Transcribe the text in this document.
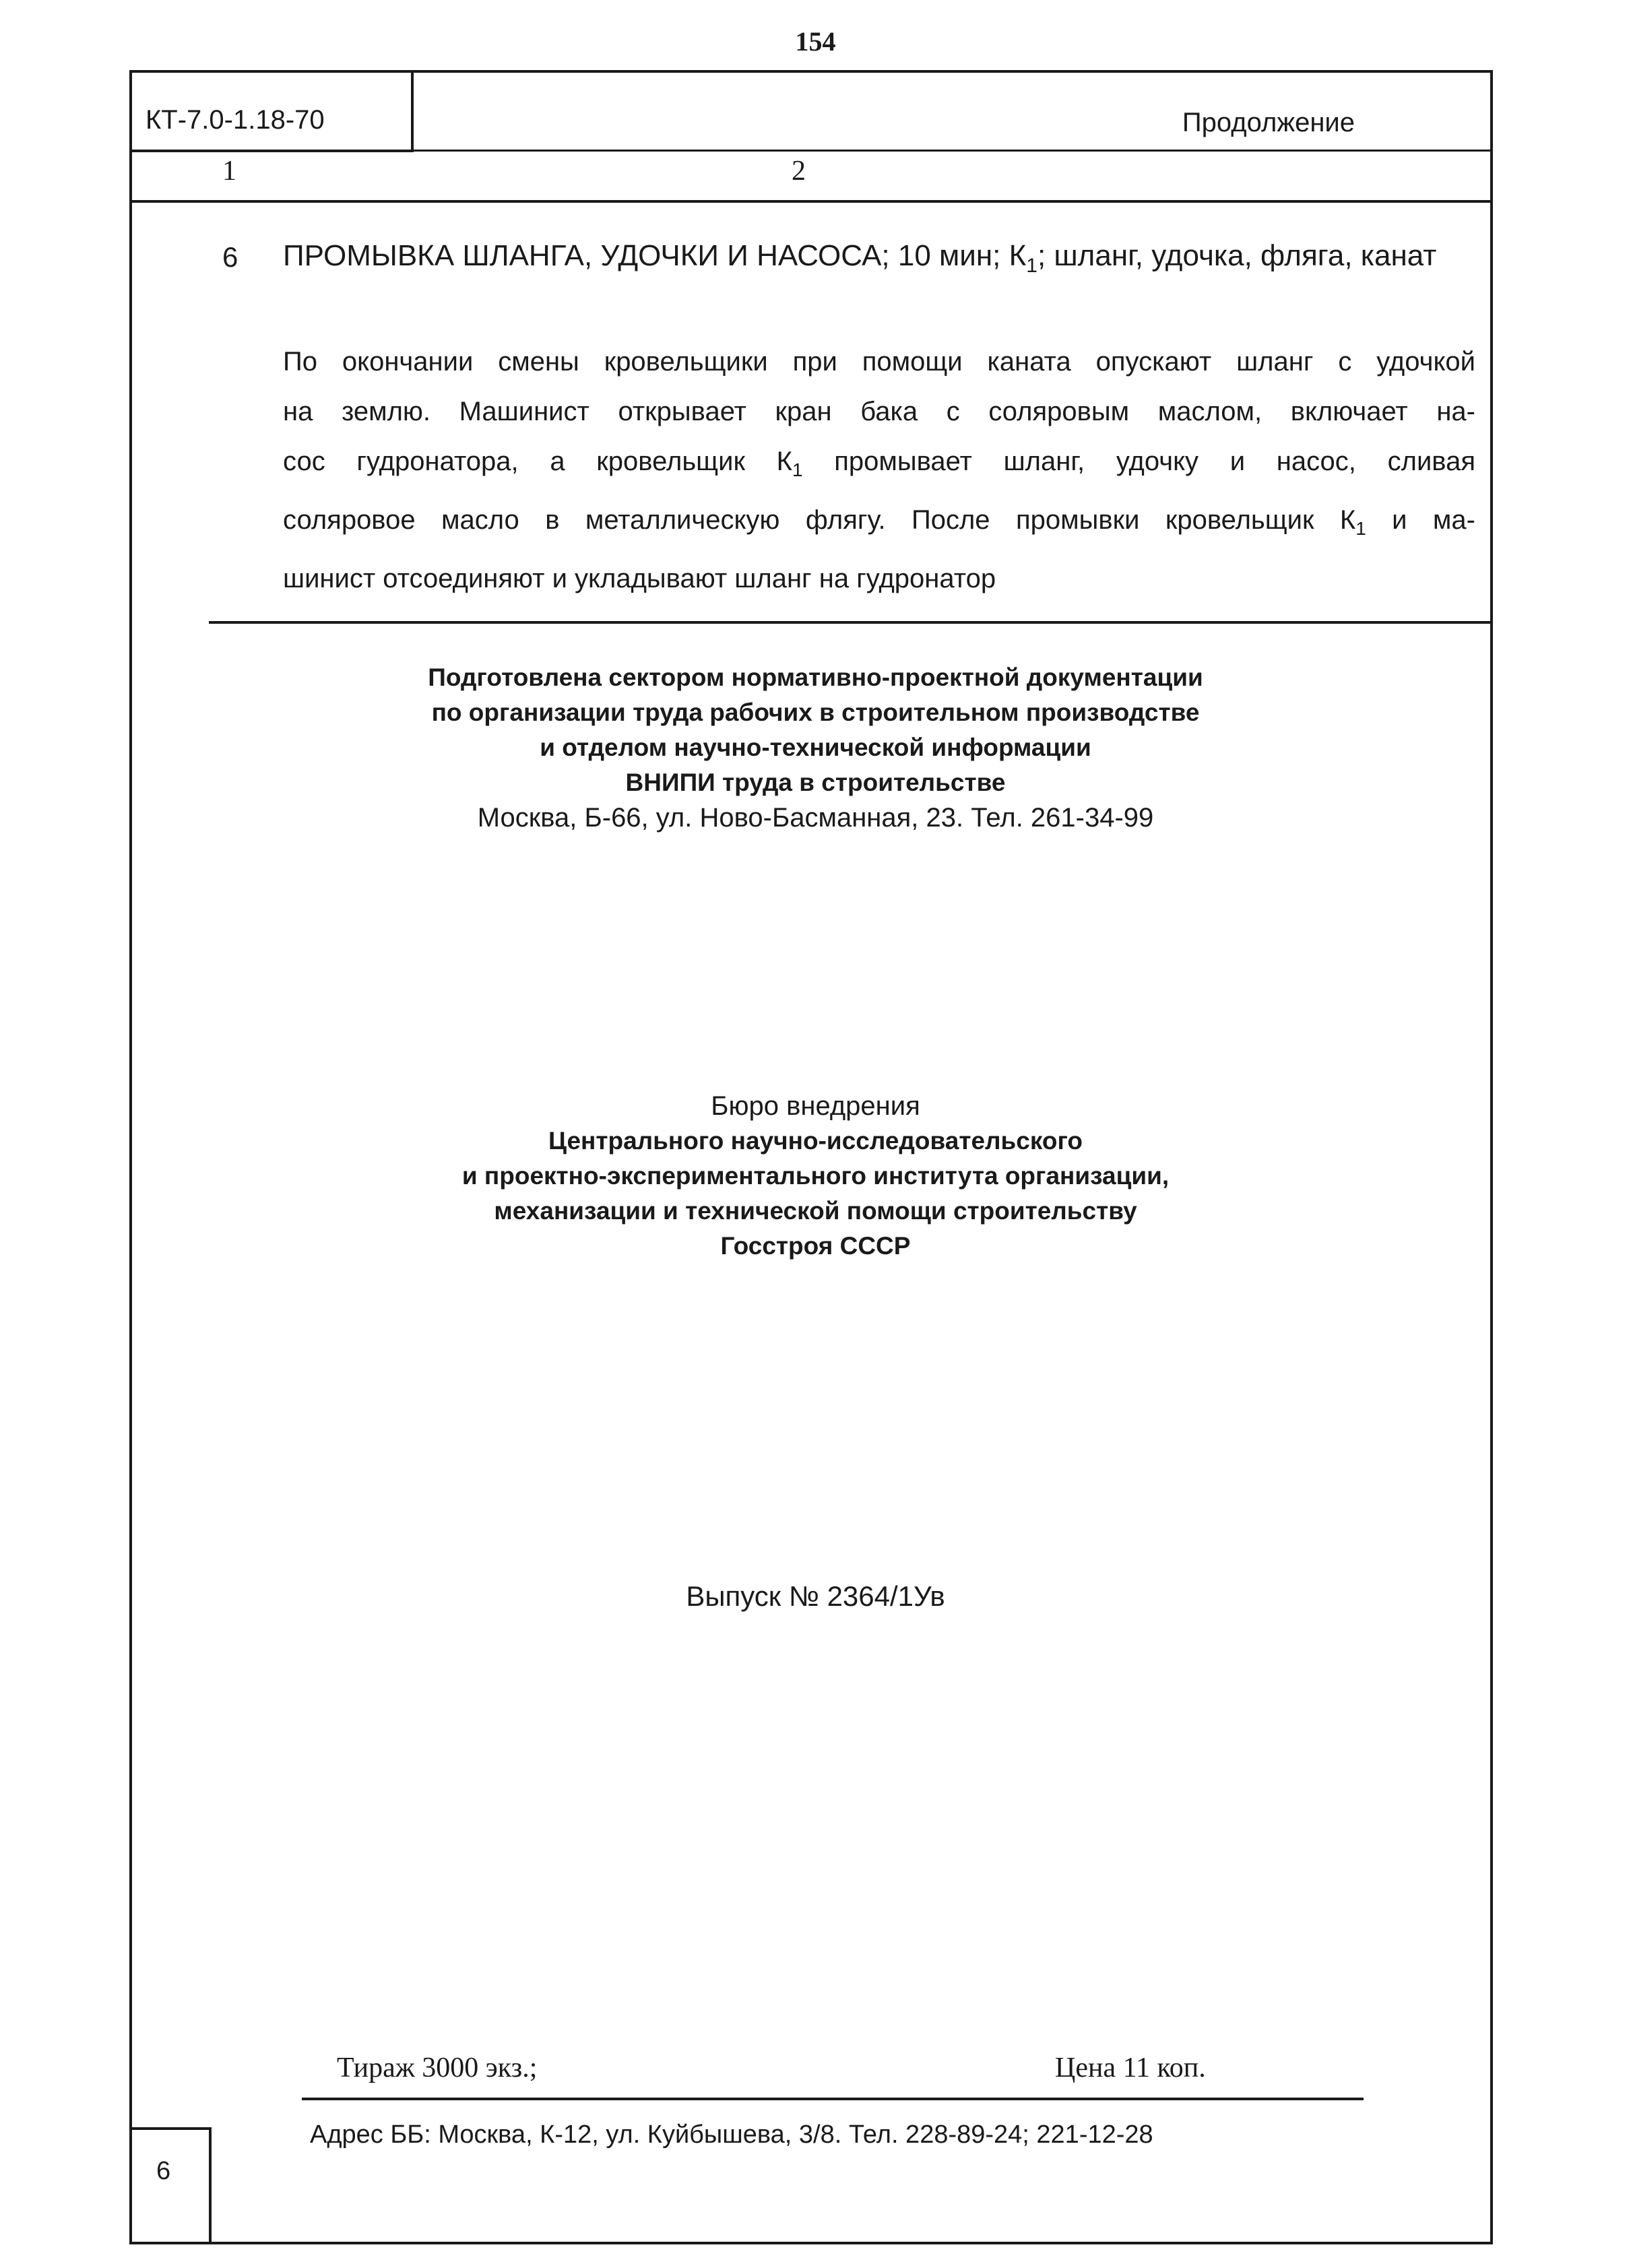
154
КТ-7.0-1.18-70	Продолжение
1	2
6 ПРОМЫВКА ШЛАНГА, УДОЧКИ И НАСОСА; 10 мин; $К_1$; шланг, удочка, фляга, канат

По окончании смены кровельщики при помощи каната опускают шланг с удочкой

на землю. Машинист открывает кран бака с соляровым маслом, включает на-

сос гудронатора, а кровельщик $К_1$ промывает шланг, удочку и насос, сливая

соляровое масло в металлическую флягу. После промывки кровельщик $К_1$ и ма-

шинист отсоединяют и укладывают шланг на гудронатор

Подготовлена сектором нормативно-проектной документации
по организации труда рабочих в строительном производстве
и отделом научно-технической информации
ВНИПИ труда в строительстве
Москва, Б-66, ул. Ново-Басманная, 23. Тел. 261-34-99
Бюро внедрения
Центрального научно-исследовательского
и проектно-экспериментального института организации,
механизации и технической помощи строительству
Госстроя СССР
Выпуск № 2364/1Ув
Тираж 3000 экз.;	Цена 11 коп.
Адрес ББ: Москва, К-12, ул. Куйбышева, 3/8. Тел. 228-89-24; 221-12-28
6
